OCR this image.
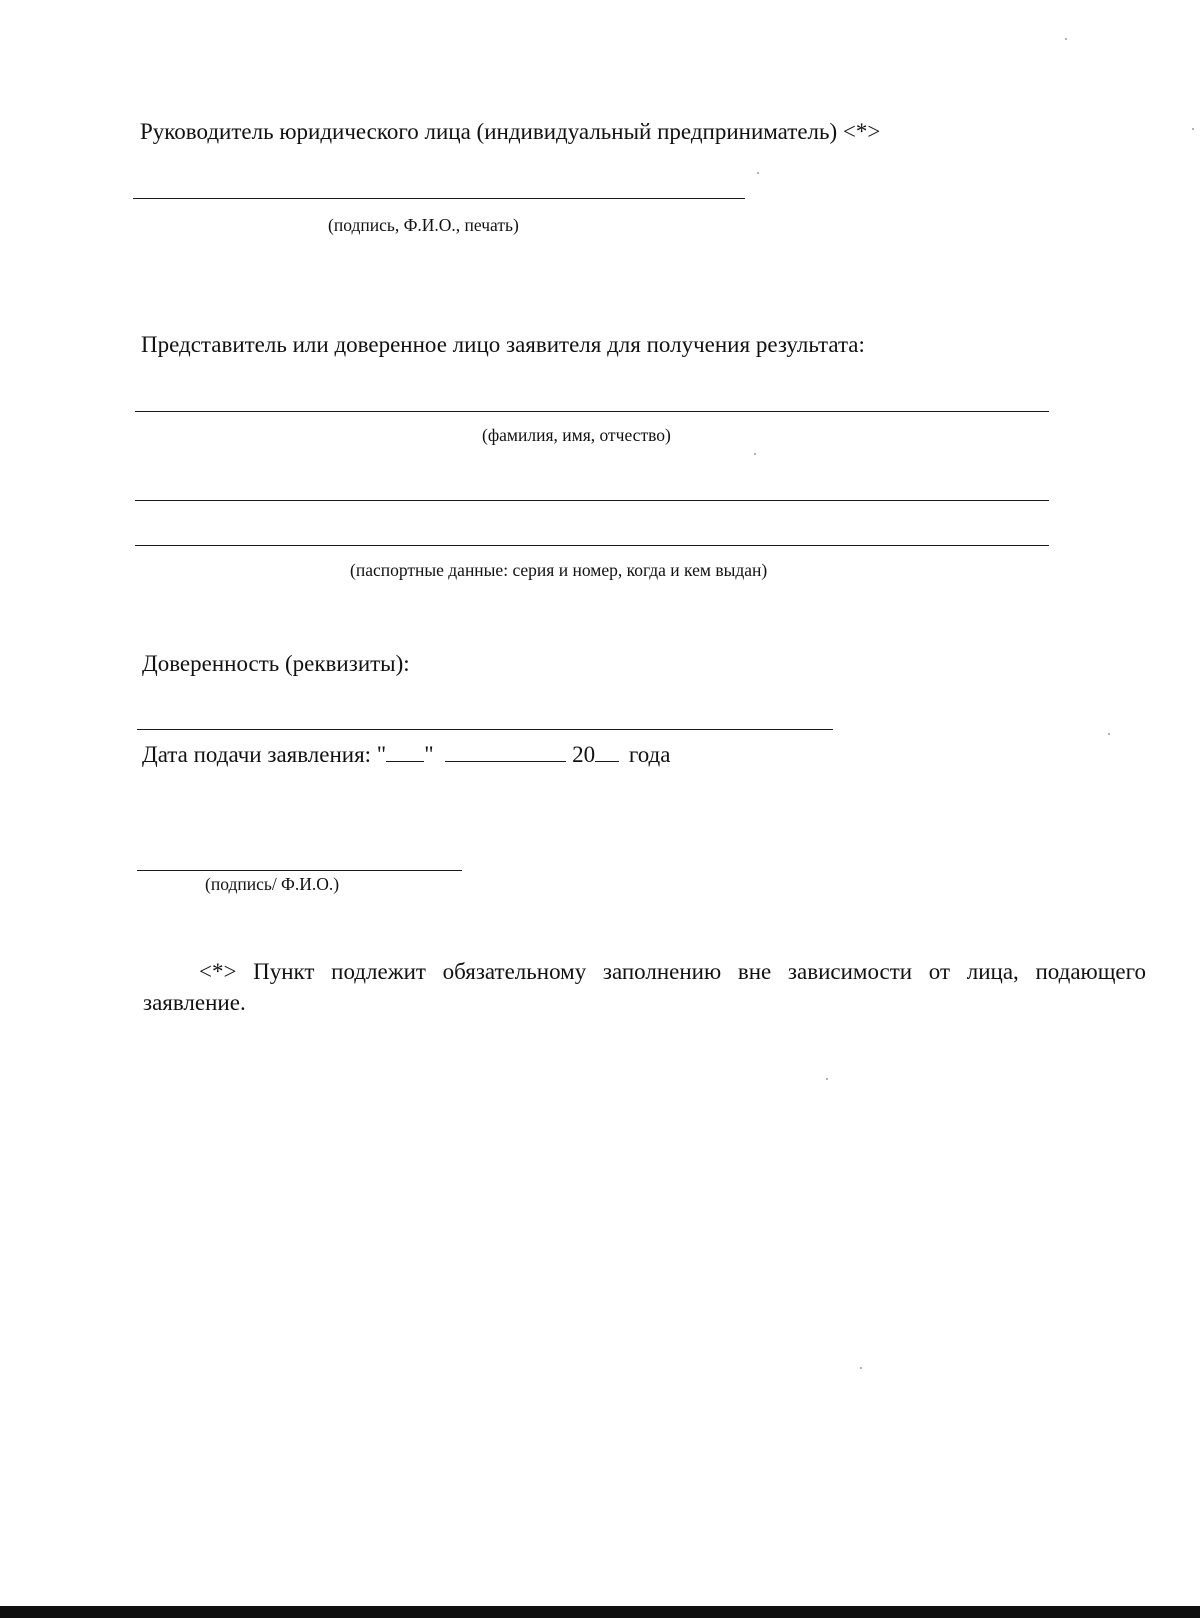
Руководитель юридического лица (индивидуальный предприниматель) <*>
(подпись, Ф.И.О., печать)
Представитель или доверенное лицо заявителя для получения результата:
(фамилия, имя, отчество)
(паспортные данные: серия и номер, когда и кем выдан)
Доверенность (реквизиты):
Дата подачи заявления: " "	20 года
(подпись/ Ф.И.О.)
<*> Пункт подлежит обязательному заполнению вне зависимости от лица, подающего заявление.
